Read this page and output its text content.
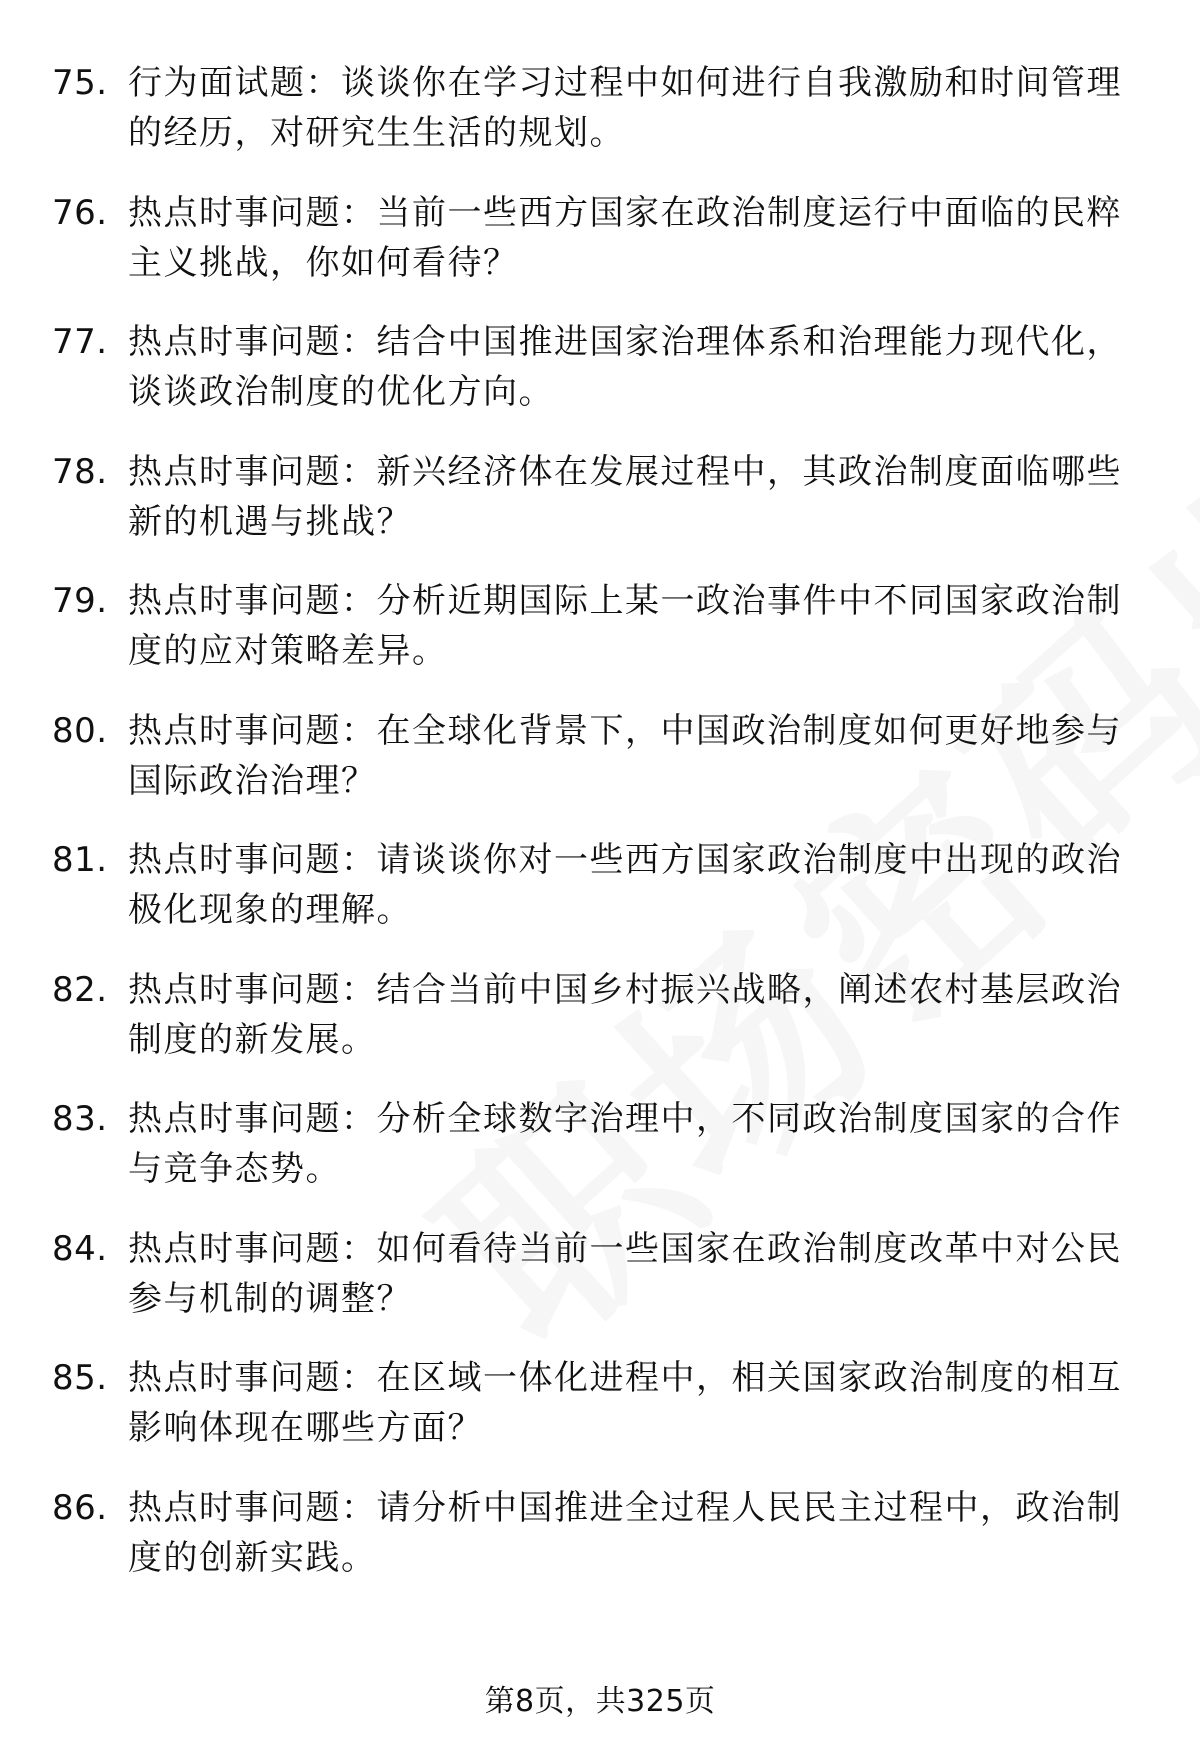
75. 行为面试题：谈谈你在学习过程中如何进行自我激励和时间管理的经历，对研究生生活的规划。
76. 热点时事问题：当前一些西方国家在政治制度运行中面临的民粹主义挑战，你如何看待？
77. 热点时事问题：结合中国推进国家治理体系和治理能力现代化，谈谈政治制度的优化方向。
78. 热点时事问题：新兴经济体在发展过程中，其政治制度面临哪些新的机遇与挑战？
79. 热点时事问题：分析近期国际上某一政治事件中不同国家政治制度的应对策略差异。
80. 热点时事问题：在全球化背景下，中国政治制度如何更好地参与国际政治治理？
81. 热点时事问题：请谈谈你对一些西方国家政治制度中出现的政治极化现象的理解。
82. 热点时事问题：结合当前中国乡村振兴战略，阐述农村基层政治制度的新发展。
83. 热点时事问题：分析全球数字治理中，不同政治制度国家的合作与竞争态势。
84. 热点时事问题：如何看待当前一些国家在政治制度改革中对公民参与机制的调整？
85. 热点时事问题：在区域一体化进程中，相关国家政治制度的相互影响体现在哪些方面？
86. 热点时事问题：请分析中国推进全过程人民民主过程中，政治制度的创新实践。
第8页，共325页
